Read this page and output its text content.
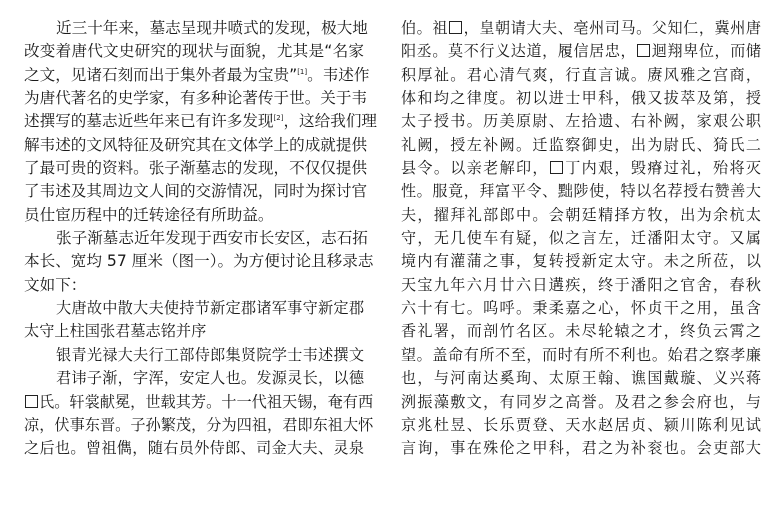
近三十年来，墓志呈现井喷式的发现，极大地
改变着唐代文史研究的现状与面貌，尤其是“名家
之文，见诸石刻而出于集外者最为宝贵”[1]。韦述作
为唐代著名的史学家，有多种论著传于世。关于韦
述撰写的墓志近些年来已有许多发现[2]，这给我们理
解韦述的文风特征及研究其在文体学上的成就提供
了最可贵的资料。张子渐墓志的发现，不仅仅提供
了韦述及其周边文人间的交游情况，同时为探讨官
员仕宦历程中的迁转途径有所助益。
张子渐墓志近年发现于西安市长安区，志石拓
本长、宽均 57 厘米（图一）。为方便讨论且移录志
文如下：
大唐故中散大夫使持节新定郡诸军事守新定郡
太守上柱国张君墓志铭并序
银青光禄大夫行工部侍郎集贤院学士韦述撰文
君讳子渐，字浑，安定人也。发源灵长，以德
氏。轩裳献冕，世载其芳。十一代祖天锡，奄有西
凉，伏事东晋。子孙繁茂，分为四祖，君即东祖大怀
之后也。曾祖儁，随右员外侍郎、司金大夫、灵泉
伯。祖 ，皇朝请大夫、亳州司马。父知仁，冀州唐
阳丞。莫不行义达道，履信居忠， 迴翔卑位，而储
积厚祉。君心清气爽，行直言诚。赓风雅之宫商，
体和均之律度。初以进士甲科，俄又拔萃及第，授
太子授书。历美原尉、左拾遗、右补阙，家艰公职
礼阙，授左补阙。迁监察御史，出为尉氏、猗氏二
县令。以亲老解印， 丁内艰，毁瘠过礼，殆将灭
性。服竟，拜富平令、黜陟使，特以名荐授右赞善大
夫，擢拜礼部郎中。会朝廷精择方牧，出为余杭太
守，无几使车有疑，似之言左，迁潘阳太守。又属
境内有灌蒲之事，复转授新定太守。未之所莅，以
天宝九年六月廿六日遘疾，终于潘阳之官舍，春秋
六十有七。呜呼。秉柔嘉之心，怀贞干之用，虽含
香礼署，而剖竹名区。未尽轮辕之才，终负云霄之
望。盖命有所不至，而时有所不利也。始君之察孝廉
也，与河南达奚珣、太原王翰、谯国戴璇、义兴蒋
洌振藻敷文，有同岁之高誉。及君之参会府也，与
京兆杜昱、长乐贾登、天水赵居贞、颍川陈利见试
言询，事在殊伦之甲科，君之为补衮也。会吏部大
